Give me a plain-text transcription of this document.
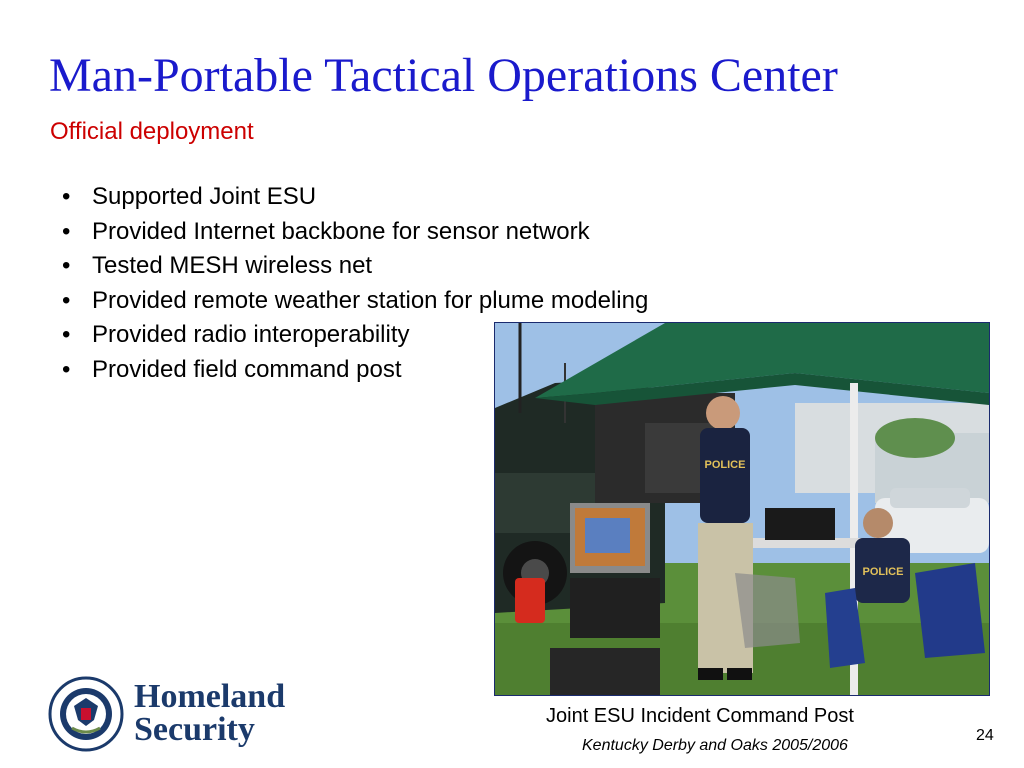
Man-Portable Tactical Operations Center
Official deployment
• Supported Joint ESU
• Provided Internet backbone for sensor network
• Tested MESH wireless net
• Provided remote weather station for plume modeling
• Provided radio interoperability
• Provided field command post
POLICE
POLICE
Joint ESU Incident Command Post
Kentucky Derby and Oaks 2005/2006
24
Homeland
Security
